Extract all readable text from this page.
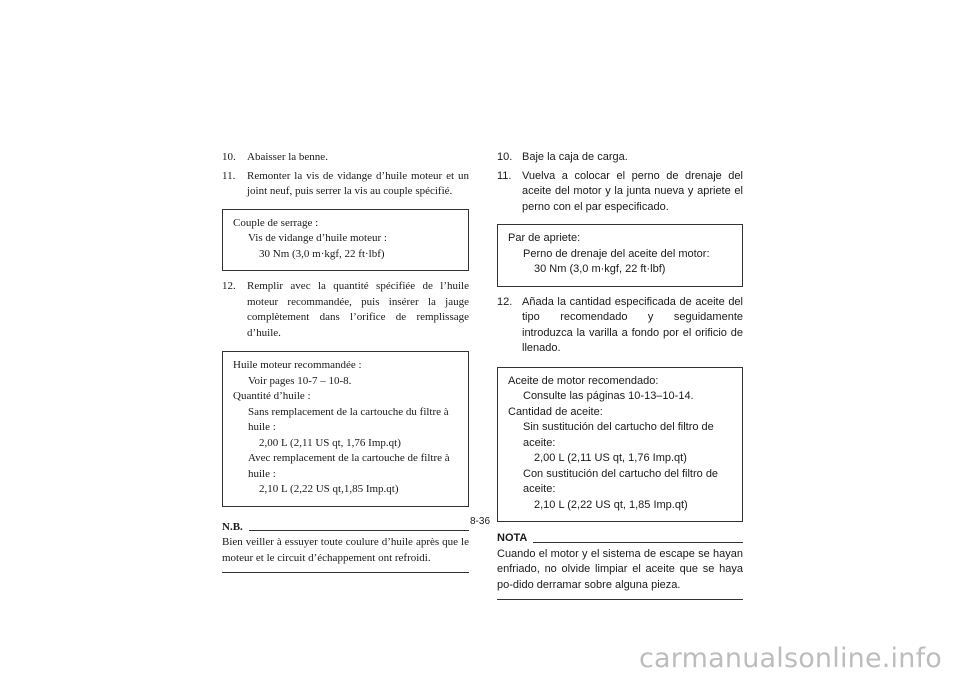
10.	Abaisser la benne.
11.	Remonter la vis de vidange d’huile moteur et un joint neuf, puis serrer la vis au couple spécifié.
Couple de serrage :
Vis de vidange d’huile moteur :
30 Nm (3,0 m·kgf, 22 ft·lbf)
12.	Remplir avec la quantité spécifiée de l’huile moteur recommandée, puis insérer la jauge complètement dans l’orifice de remplissage d’huile.
Huile moteur recommandée :
Voir pages 10-7 – 10-8.
Quantité d’huile :
Sans remplacement de la cartouche du filtre à huile :
2,00 L (2,11 US qt, 1,76 Imp.qt)
Avec remplacement de la cartouche de filtre à huile :
2,10 L (2,22 US qt,1,85 Imp.qt)
N.B.
Bien veiller à essuyer toute coulure d’huile après que le moteur et le circuit d’échappement ont refroidi.
10. Baje la caja de carga.
11. Vuelva a colocar el perno de drenaje del aceite del motor y la junta nueva y apriete el perno con el par especificado.
Par de apriete:
Perno de drenaje del aceite del motor:
30 Nm (3,0 m·kgf, 22 ft·lbf)
12. Añada la cantidad especificada de aceite del tipo recomendado y seguidamente introduzca la varilla a fondo por el orificio de llenado.
Aceite de motor recomendado:
Consulte las páginas 10-13–10-14.
Cantidad de aceite:
Sin sustitución del cartucho del filtro de aceite:
2,00 L (2,11 US qt, 1,76 Imp.qt)
Con sustitución del cartucho del filtro de aceite:
2,10 L (2,22 US qt, 1,85 Imp.qt)
NOTA
Cuando el motor y el sistema de escape se hayan enfriado, no olvide limpiar el aceite que se haya po-dido derramar sobre alguna pieza.
8-36
carmanualsonline.info
